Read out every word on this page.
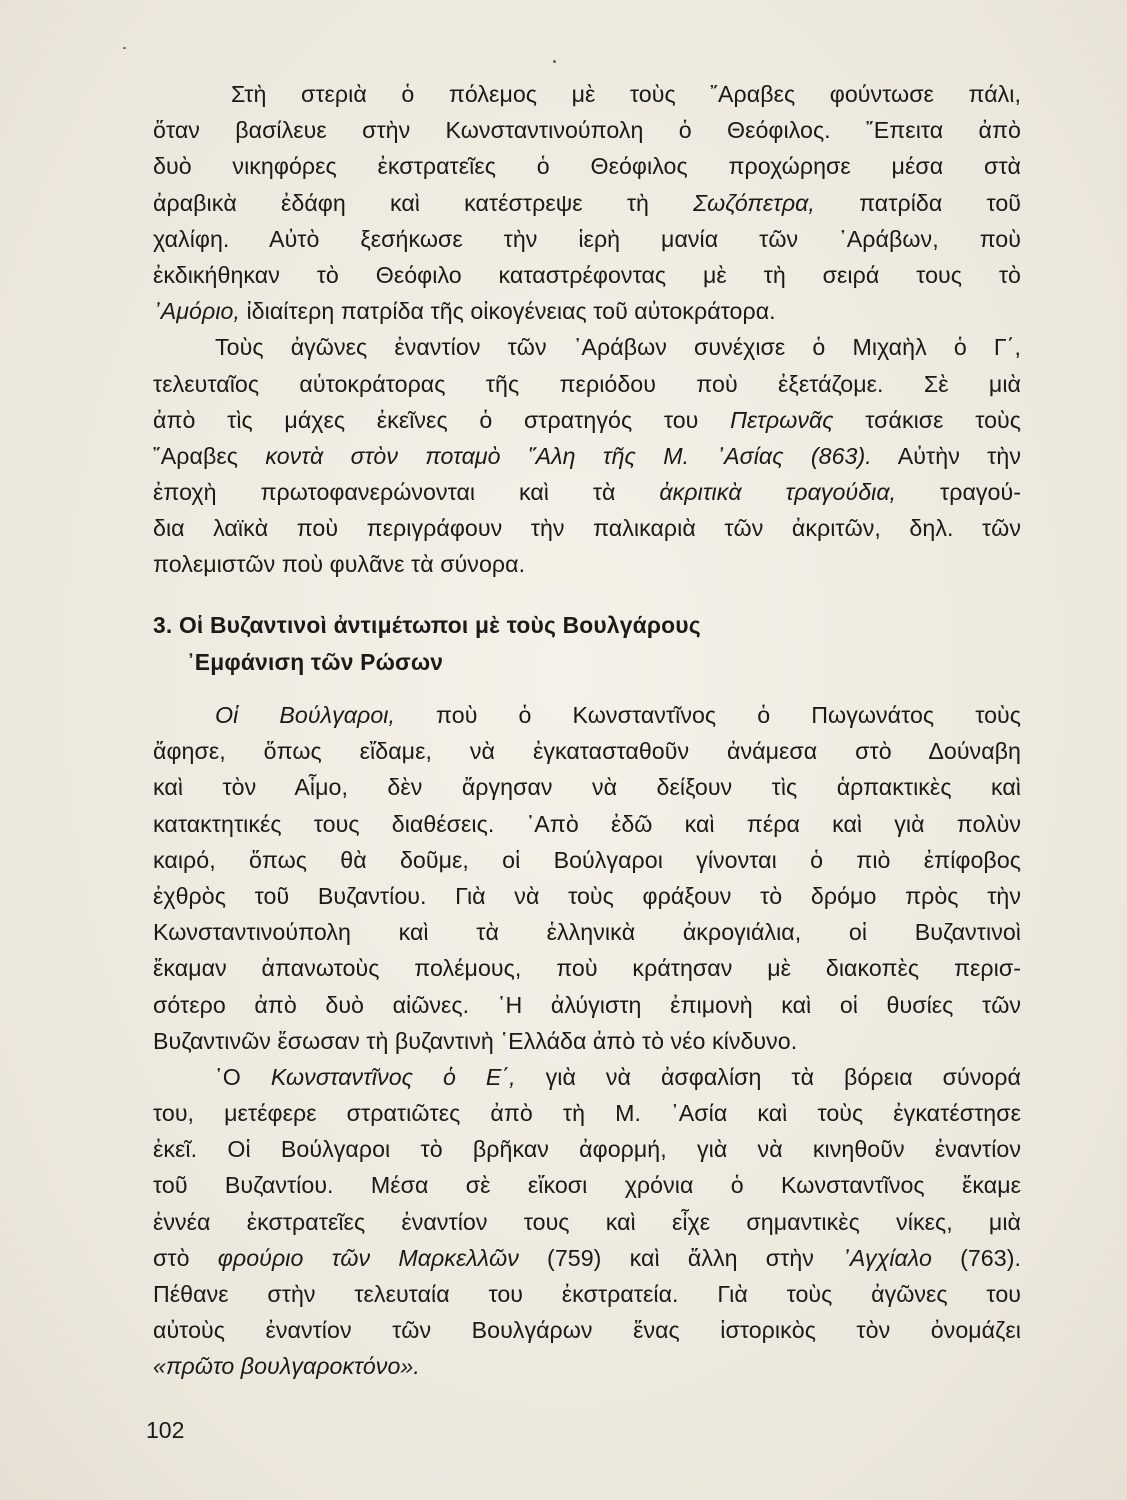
Στὴ στεριὰ ὁ πόλεμος μὲ τοὺς ῎Αραβες φούντωσε πάλι,
ὅταν βασίλευε στὴν Κωνσταντινούπολη ὁ Θεόφιλος. ῎Επειτα ἀπὸ
δυὸ νικηφόρες ἐκστρατεῖες ὁ Θεόφιλος προχώρησε μέσα στὰ
ἀραβικὰ ἐδάφη καὶ κατέστρεψε τὴ Σωζόπετρα, πατρίδα τοῦ
χαλίφη. Αὐτὸ ξεσήκωσε τὴν ἱερὴ μανία τῶν ᾽Αράβων, ποὺ
ἐκδικήθηκαν τὸ Θεόφιλο καταστρέφοντας μὲ τὴ σειρά τους τὸ
᾽Αμόριο, ἰδιαίτερη πατρίδα τῆς οἰκογένειας τοῦ αὐτοκράτορα.
Τοὺς ἀγῶνες ἐναντίον τῶν ᾽Αράβων συνέχισε ὁ Μιχαὴλ ὁ Γ΄,
τελευταῖος αὐτοκράτορας τῆς περιόδου ποὺ ἐξετάζομε. Σὲ μιὰ
ἀπὸ τὶς μάχες ἐκεῖνες ὁ στρατηγός του Πετρωνᾶς τσάκισε τοὺς
῎Αραβες κοντὰ στὸν ποταμὸ ῞Αλη τῆς Μ. ᾽Ασίας (863). Αὐτὴν τὴν
ἐποχὴ πρωτοφανερώνονται καὶ τὰ ἀκριτικὰ τραγούδια, τραγού-
δια λαϊκὰ ποὺ περιγράφουν τὴν παλικαριὰ τῶν ἀκριτῶν, δηλ. τῶν
πολεμιστῶν ποὺ φυλᾶνε τὰ σύνορα.
3. Οἱ Βυζαντινοὶ ἀντιμέτωποι μὲ τοὺς Βουλγάρους
᾽Εμφάνιση τῶν Ρώσων
Οἱ Βούλγαροι, ποὺ ὁ Κωνσταντῖνος ὁ Πωγωνάτος τοὺς
ἄφησε, ὅπως εἴδαμε, νὰ ἐγκατασταθοῦν ἀνάμεσα στὸ Δούναβη
καὶ τὸν Αἷμο, δὲν ἄργησαν νὰ δείξουν τὶς ἁρπακτικὲς καὶ
κατακτητικές τους διαθέσεις. ᾽Απὸ ἐδῶ καὶ πέρα καὶ γιὰ πολὺν
καιρό, ὅπως θὰ δοῦμε, οἱ Βούλγαροι γίνονται ὁ πιὸ ἐπίφοβος
ἐχθρὸς τοῦ Βυζαντίου. Γιὰ νὰ τοὺς φράξουν τὸ δρόμο πρὸς τὴν
Κωνσταντινούπολη καὶ τὰ ἑλληνικὰ ἀκρογιάλια, οἱ Βυζαντινοὶ
ἔκαμαν ἀπανωτοὺς πολέμους, ποὺ κράτησαν μὲ διακοπὲς περισ-
σότερο ἀπὸ δυὸ αἰῶνες. ῾Η ἀλύγιστη ἐπιμονὴ καὶ οἱ θυσίες τῶν
Βυζαντινῶν ἔσωσαν τὴ βυζαντινὴ ῾Ελλάδα ἀπὸ τὸ νέο κίνδυνο.
῾Ο Κωνσταντῖνος ὁ Ε΄, γιὰ νὰ ἀσφαλίση τὰ βόρεια σύνορά
του, μετέφερε στρατιῶτες ἀπὸ τὴ Μ. ᾽Ασία καὶ τοὺς ἐγκατέστησε
ἐκεῖ. Οἱ Βούλγαροι τὸ βρῆκαν ἀφορμή, γιὰ νὰ κινηθοῦν ἐναντίον
τοῦ Βυζαντίου. Μέσα σὲ εἴκοσι χρόνια ὁ Κωνσταντῖνος ἔκαμε
ἐννέα ἐκστρατεῖες ἐναντίον τους καὶ εἶχε σημαντικὲς νίκες, μιὰ
στὸ φρούριο τῶν Μαρκελλῶν (759) καὶ ἄλλη στὴν ᾽Αγχίαλο (763).
Πέθανε στὴν τελευταία του ἐκστρατεία. Γιὰ τοὺς ἀγῶνες του
αὐτοὺς ἐναντίον τῶν Βουλγάρων ἕνας ἱστορικὸς τὸν ὀνομάζει
«πρῶτο βουλγαροκτόνο».
102
